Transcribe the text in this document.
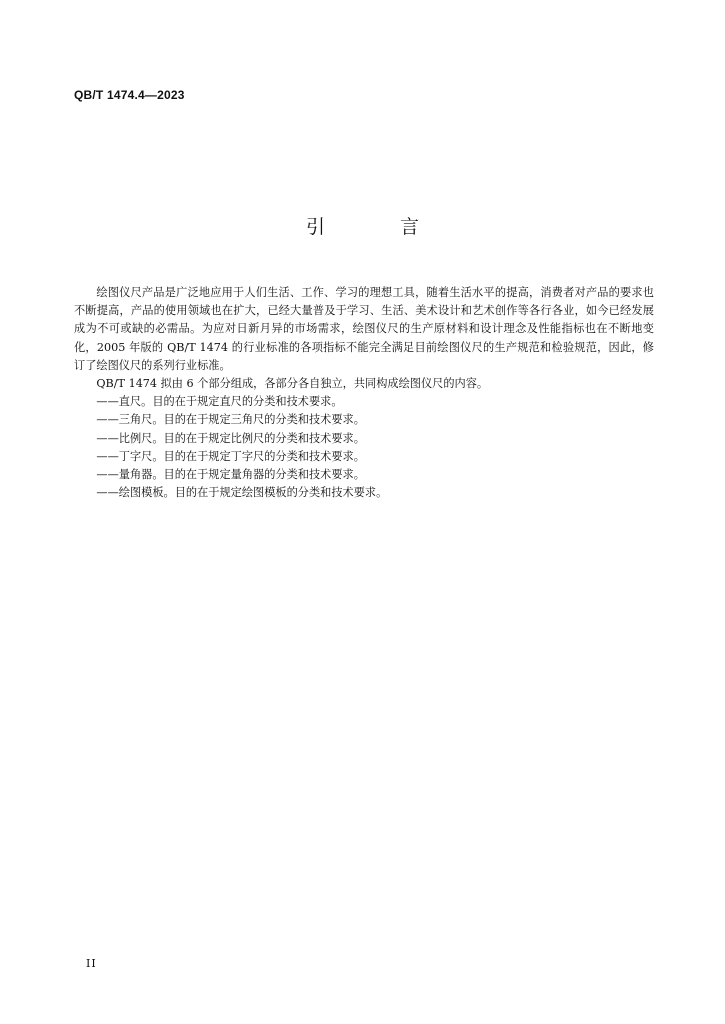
QB/T 1474.4—2023
引　言

绘图仪尺产品是广泛地应用于人们生活、工作、学习的理想工具，随着生活水平的提高，消费者对产品的要求也不断提高，产品的使用领域也在扩大，已经大量普及于学习、生活、美术设计和艺术创作等各行各业，如今已经发展成为不可或缺的必需品。为应对日新月异的市场需求，绘图仪尺的生产原材料和设计理念及性能指标也在不断地变化，2005 年版的 QB/T 1474 的行业标准的各项指标不能完全满足目前绘图仪尺的生产规范和检验规范，因此，修订了绘图仪尺的系列行业标准。

QB/T 1474 拟由 6 个部分组成，各部分各自独立，共同构成绘图仪尺的内容。

——直尺。目的在于规定直尺的分类和技术要求。

——三角尺。目的在于规定三角尺的分类和技术要求。

——比例尺。目的在于规定比例尺的分类和技术要求。

——丁字尺。目的在于规定丁字尺的分类和技术要求。

——量角器。目的在于规定量角器的分类和技术要求。

——绘图模板。目的在于规定绘图模板的分类和技术要求。

II
